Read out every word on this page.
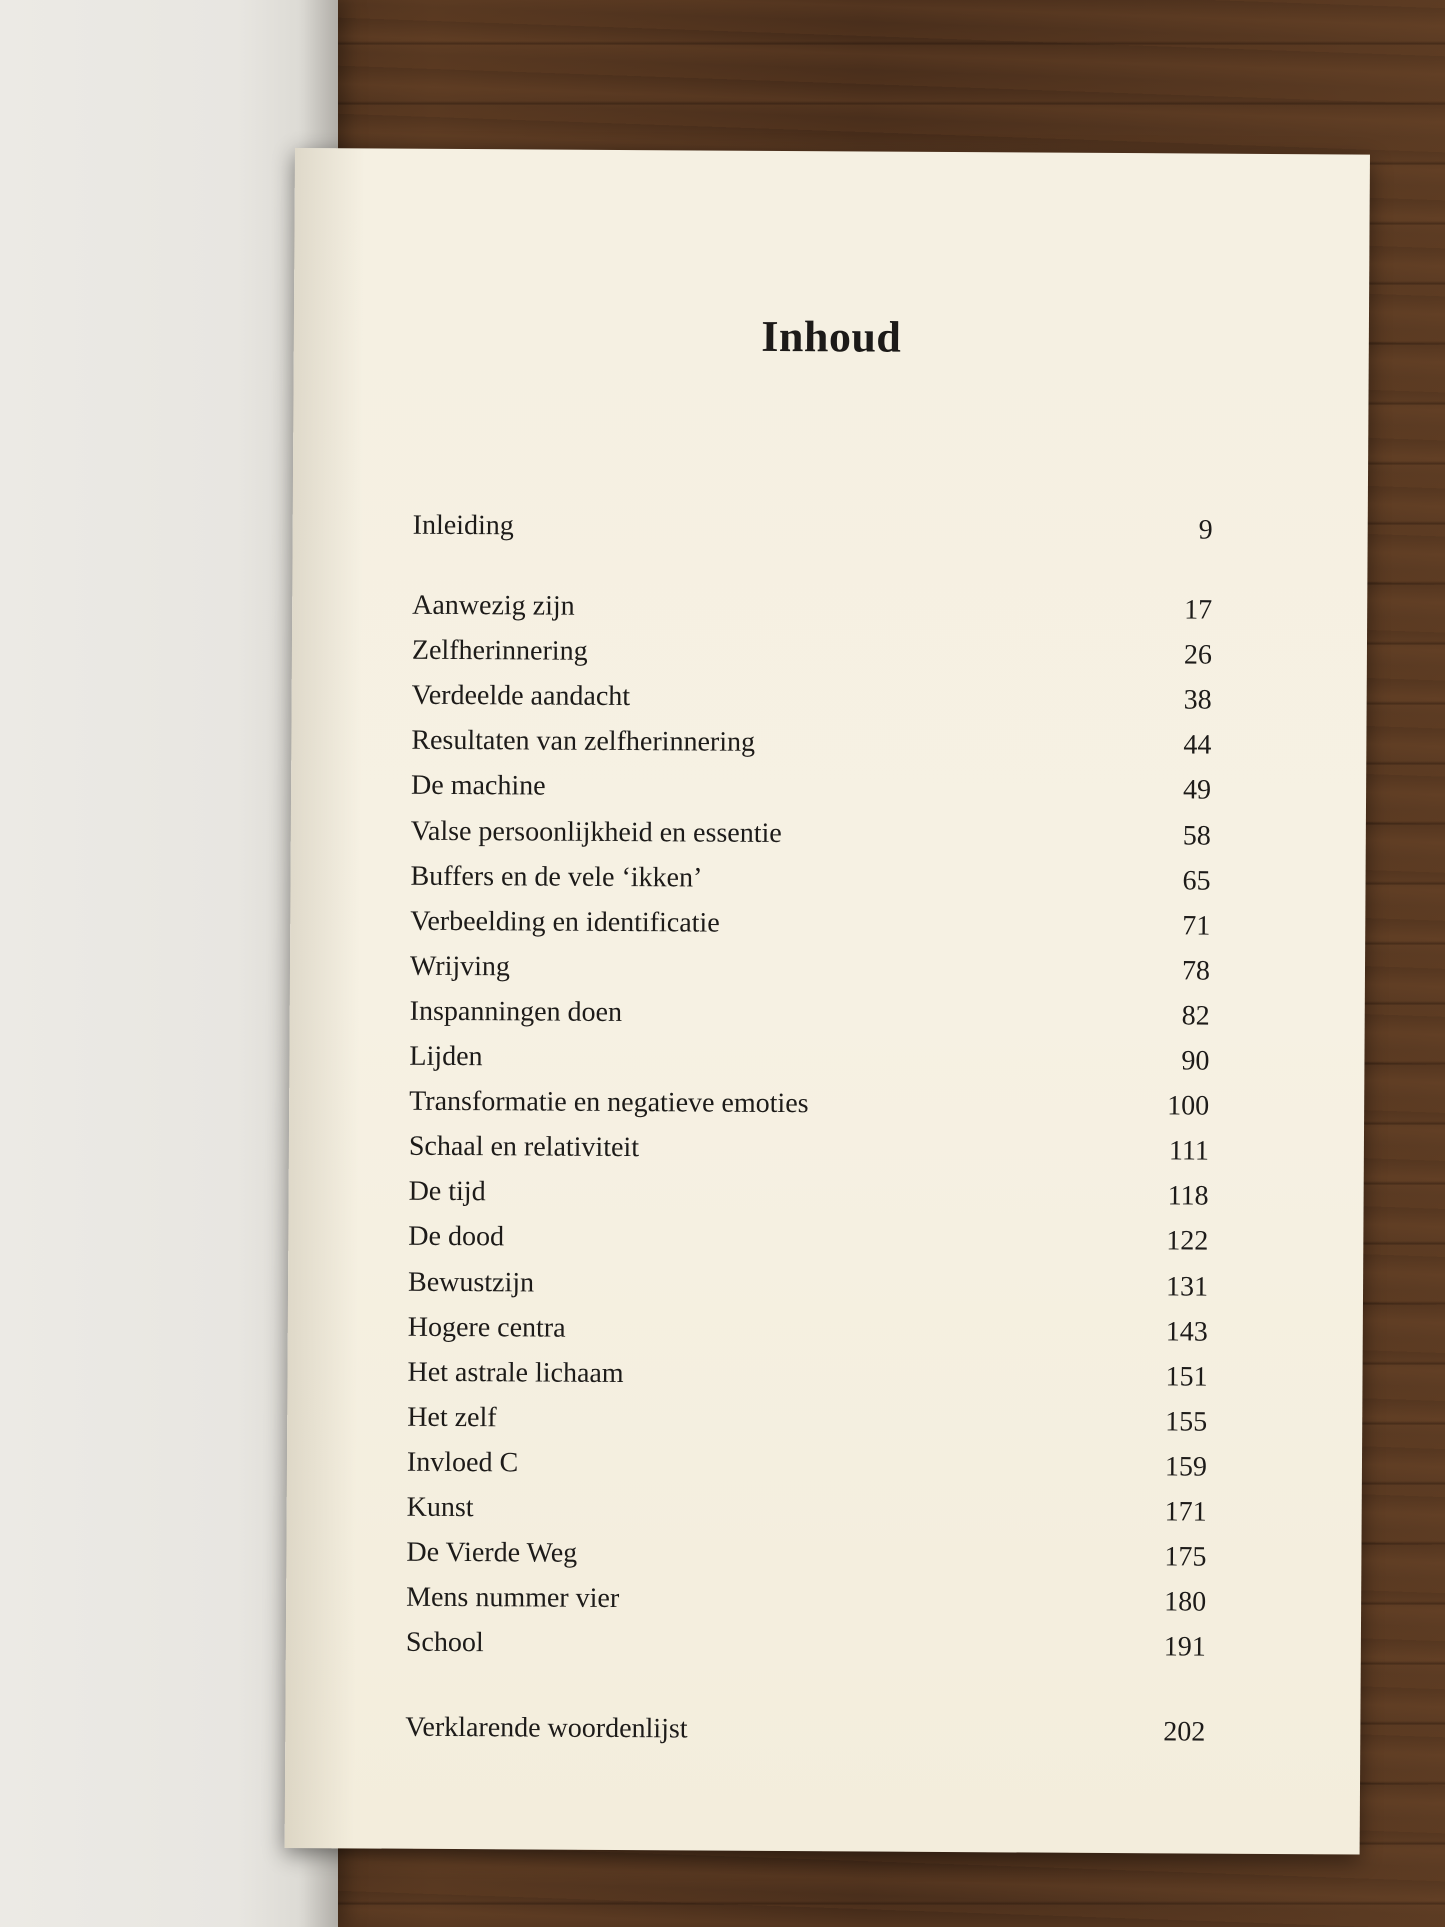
Inhoud
Inleiding	9
Aanwezig zijn	17
Zelfherinnering	26
Verdeelde aandacht	38
Resultaten van zelfherinnering	44
De machine	49
Valse persoonlijkheid en essentie	58
Buffers en de vele ‘ikken’	65
Verbeelding en identificatie	71
Wrijving	78
Inspanningen doen	82
Lijden	90
Transformatie en negatieve emoties	100
Schaal en relativiteit	111
De tijd	118
De dood	122
Bewustzijn	131
Hogere centra	143
Het astrale lichaam	151
Het zelf	155
Invloed C	159
Kunst	171
De Vierde Weg	175
Mens nummer vier	180
School	191
Verklarende woordenlijst	202
